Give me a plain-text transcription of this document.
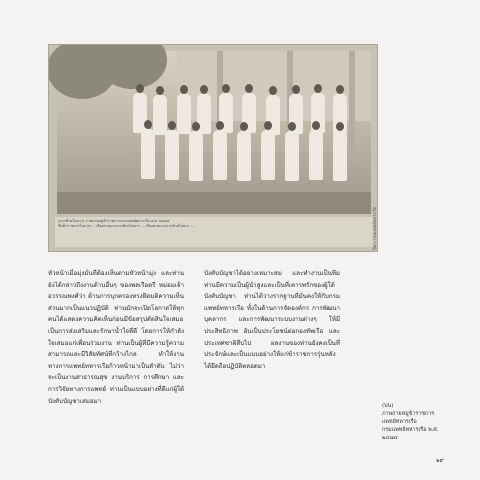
(จากซ้ายไปขวา) ภาพถ่ายหมู่ข้าราชการกรมแพทย์ทหารเรือ พ.ศ. ๒๔๗๔
ชื่อข้าราชการในภาพ ... เรียงตามแถวจากซ้ายไปขวา ... เรียงตามแถวจากซ้ายไปขวา ...	ที่มา: กรมแพทย์ทหารเรือ
หัวหน้าเมื่อมุ่งมั่นที่ต้องเห็นตามหัวหน้ามุ่ง และท่านยังได้กล่าวถึงงานด้านอื่นๆ ของพลเรือตรี หม่อมเจ้าอวรรณพงศ์ว่า ด้านการบุกครองทรงยึดมติความเห็นส่วนมากเป็นแนวปฏิบัติ ท่านมักจะเปิดโอกาสให้ทุกคนได้แสดงความคิดเห็นก่อนมีข้อสรุปตัดสินใจเสมอ เป็นการส่งเสริมและรักษาน้ำใจที่ดี โดยการให้กำลังใจเสมอแก่เพื่อนร่วมงาน ท่านเป็นผู้ที่มีความรู้ความสามารถและมีวิสัยทัศน์ที่กว้างไกล ทำให้งานทางการแพทย์ทหารเรือก้าวหน้ามาเป็นลำดับ ไม่ว่าจะเป็นงานสาธารณสุข งานบริการ การศึกษา และการวิจัยทางการแพทย์ ท่านเป็นแบบอย่างที่ดีแก่ผู้ใต้บังคับบัญชาเสมอมา
บังคับบัญชาได้อย่างเหมาะสม และทำงานเป็นทีม ท่านมีความเป็นผู้นำสูงและเป็นที่เคารพรักของผู้ใต้บังคับบัญชา ท่านได้วางรากฐานที่มั่นคงให้กับกรมแพทย์ทหารเรือ ทั้งในด้านการจัดองค์กร การพัฒนาบุคลากร และการพัฒนาระบบงานต่างๆ ให้มีประสิทธิภาพ อันเป็นประโยชน์ต่อกองทัพเรือ และประเทศชาติสืบไป ผลงานของท่านยังคงเป็นที่ประจักษ์และเป็นแบบอย่างให้แก่ข้าราชการรุ่นหลังได้ยึดถือปฏิบัติตลอดมา
(บน)
ภาพถ่ายหมู่ข้าราชการ
แพทย์ทหารเรือ
กรมแพทย์ทหารเรือ พ.ศ. ๒๔๗๔
๑๙
